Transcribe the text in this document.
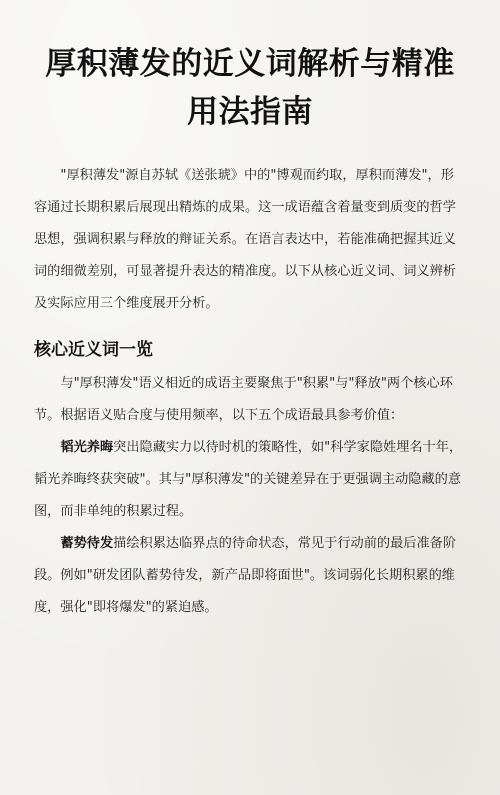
厚积薄发的近义词解析与精准用法指南

"厚积薄发"源自苏轼《送张琥》中的"博观而约取，厚积而薄发"，形容通过长期积累后展现出精炼的成果。这一成语蕴含着量变到质变的哲学思想，强调积累与释放的辩证关系。在语言表达中，若能准确把握其近义词的细微差别，可显著提升表达的精准度。以下从核心近义词、词义辨析及实际应用三个维度展开分析。

核心近义词一览

与"厚积薄发"语义相近的成语主要聚焦于"积累"与"释放"两个核心环节。根据语义贴合度与使用频率，以下五个成语最具参考价值：

韬光养晦突出隐藏实力以待时机的策略性，如"科学家隐姓埋名十年，韬光养晦终获突破"。其与"厚积薄发"的关键差异在于更强调主动隐藏的意图，而非单纯的积累过程。

蓄势待发描绘积累达临界点的待命状态，常见于行动前的最后准备阶段。例如"研发团队蓄势待发，新产品即将面世"。该词弱化长期积累的维度，强化"即将爆发"的紧迫感。
